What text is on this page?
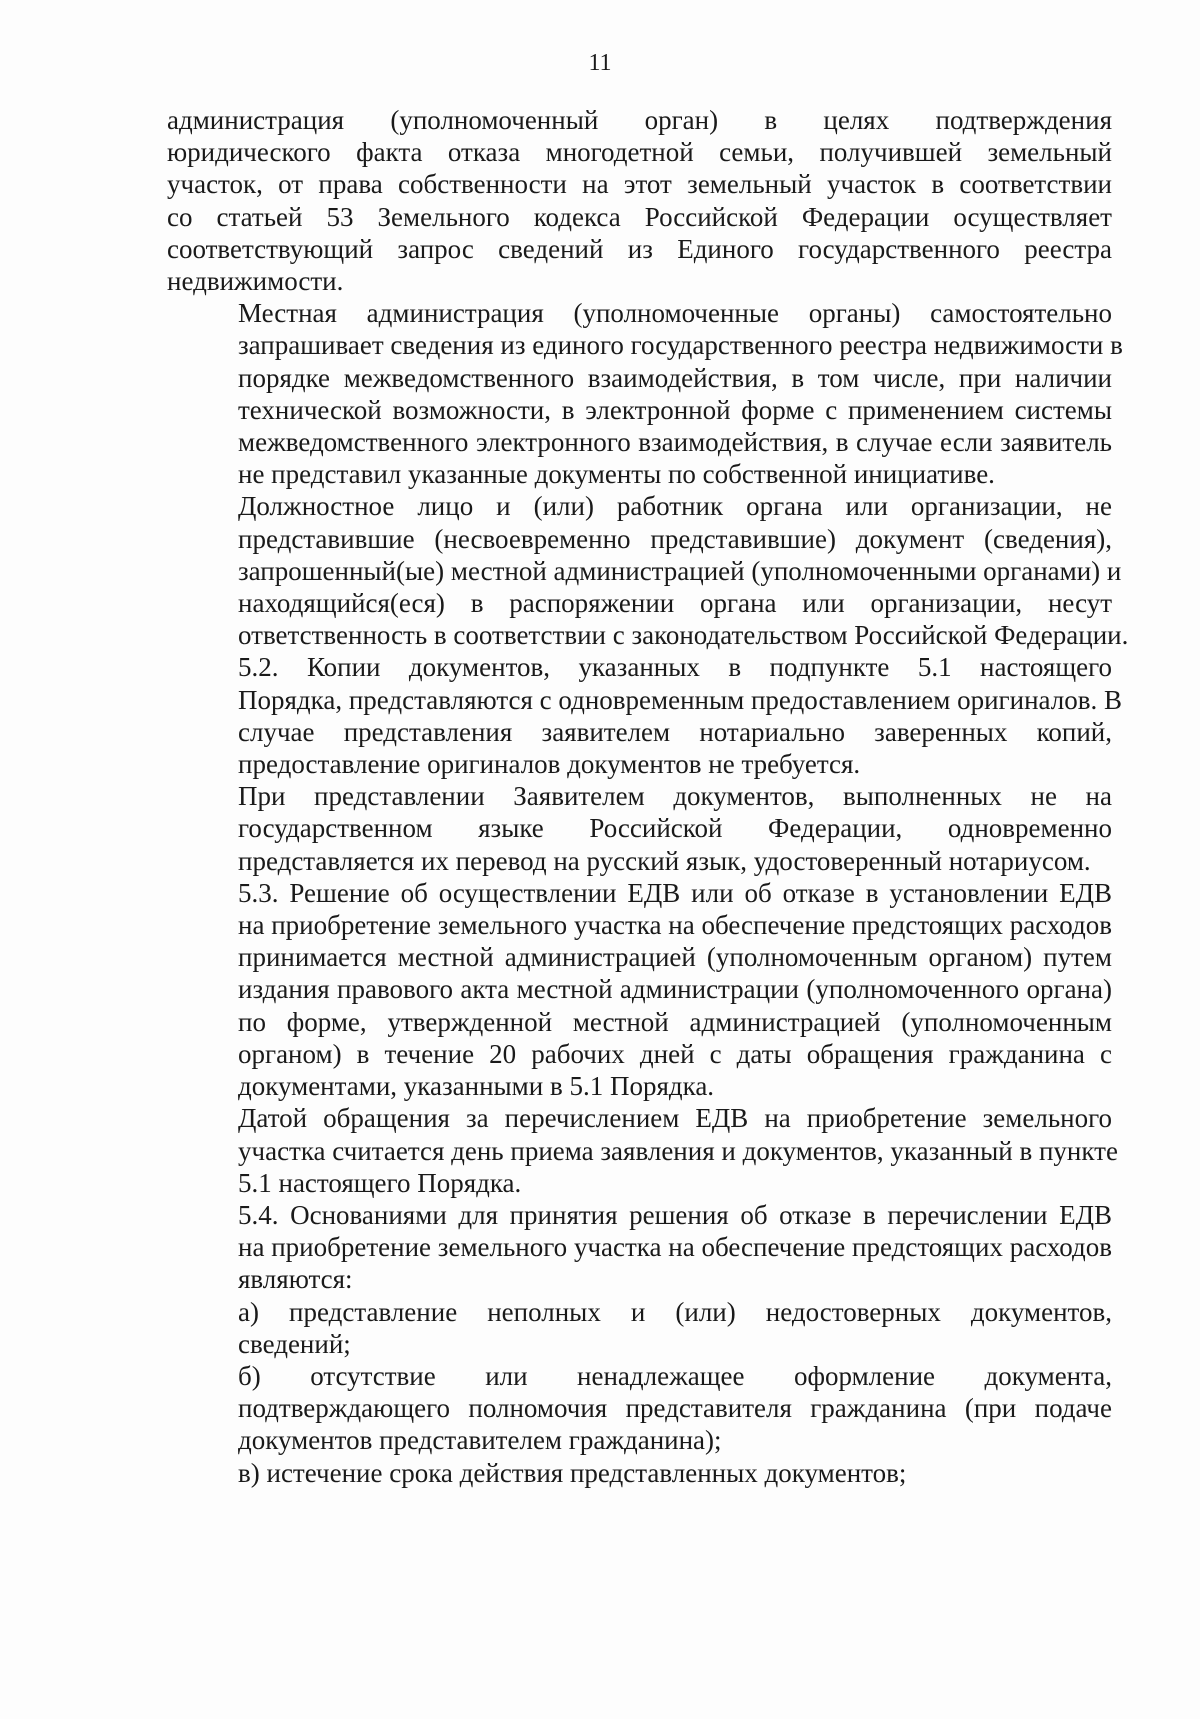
11

администрация (уполномоченный орган) в целях подтверждения
юридического факта отказа многодетной семьи, получившей земельный
участок, от права собственности на этот земельный участок в соответствии
со статьей 53 Земельного кодекса Российской Федерации осуществляет
соответствующий запрос сведений из Единого государственного реестра
недвижимости.

Местная администрация (уполномоченные органы) самостоятельно
запрашивает сведения из единого государственного реестра недвижимости в
порядке межведомственного взаимодействия, в том числе, при наличии
технической возможности, в электронной форме с применением системы
межведомственного электронного взаимодействия, в случае если заявитель
не представил указанные документы по собственной инициативе.

Должностное лицо и (или) работник органа или организации, не
представившие (несвоевременно представившие) документ (сведения),
запрошенный(ые) местной администрацией (уполномоченными органами) и
находящийся(еся) в распоряжении органа или организации, несут
ответственность в соответствии с законодательством Российской Федерации.

5.2. Копии документов, указанных в подпункте 5.1 настоящего
Порядка, представляются с одновременным предоставлением оригиналов. В
случае представления заявителем нотариально заверенных копий,
предоставление оригиналов документов не требуется.

При представлении Заявителем документов, выполненных не на
государственном языке Российской Федерации, одновременно
представляется их перевод на русский язык, удостоверенный нотариусом.

5.3. Решение об осуществлении ЕДВ или об отказе в установлении ЕДВ
на приобретение земельного участка на обеспечение предстоящих расходов
принимается местной администрацией (уполномоченным органом) путем
издания правового акта местной администрации (уполномоченного органа)
по форме, утвержденной местной администрацией (уполномоченным
органом) в течение 20 рабочих дней с даты обращения гражданина с
документами, указанными в 5.1 Порядка.

Датой обращения за перечислением ЕДВ на приобретение земельного
участка считается день приема заявления и документов, указанный в пункте
5.1 настоящего Порядка.

5.4. Основаниями для принятия решения об отказе в перечислении ЕДВ
на приобретение земельного участка на обеспечение предстоящих расходов
являются:

а) представление неполных и (или) недостоверных документов,
сведений;

б) отсутствие или ненадлежащее оформление документа,
подтверждающего полномочия представителя гражданина (при подаче
документов представителем гражданина);

в) истечение срока действия представленных документов;
